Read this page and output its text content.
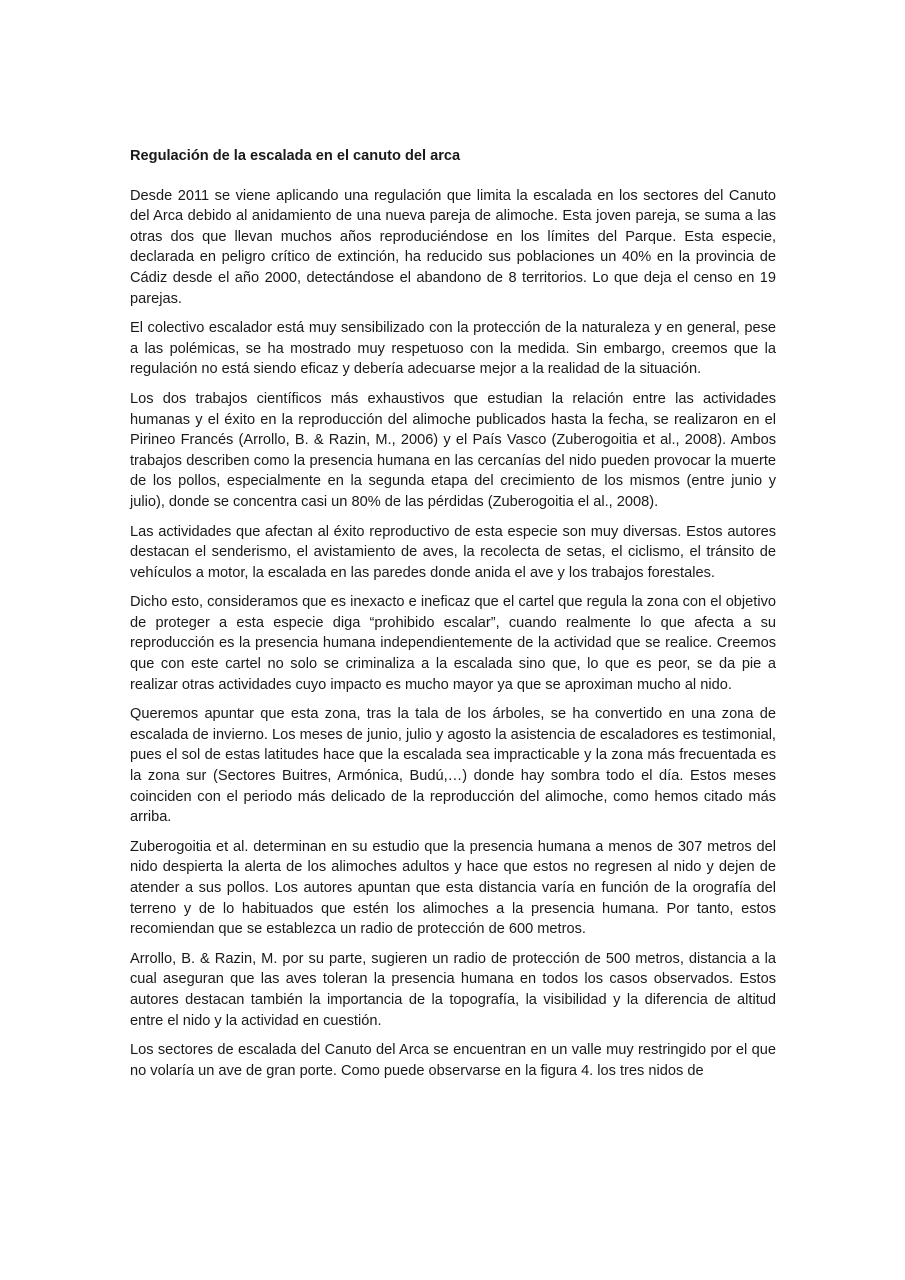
Regulación de la escalada en el canuto del arca

Desde 2011 se viene aplicando una regulación que limita la escalada en los sectores del Canuto del Arca debido al anidamiento de una nueva pareja de alimoche. Esta joven pareja, se suma a las otras dos que llevan muchos años reproduciéndose en los límites del Parque. Esta especie, declarada en peligro crítico de extinción, ha reducido sus poblaciones un 40% en la provincia de Cádiz desde el año 2000, detectándose el abandono de 8 territorios. Lo que deja el censo en 19 parejas.

El colectivo escalador está muy sensibilizado con la protección de la naturaleza y en general, pese a las polémicas, se ha mostrado muy respetuoso con la medida. Sin embargo, creemos que la regulación no está siendo eficaz y debería adecuarse mejor a la realidad de la situación.

Los dos trabajos científicos más exhaustivos que estudian la relación entre las actividades humanas y el éxito en la reproducción del alimoche publicados hasta la fecha, se realizaron en el Pirineo Francés (Arrollo, B. & Razin, M., 2006) y el País Vasco (Zuberogoitia et al., 2008). Ambos trabajos describen como la presencia humana en las cercanías del nido pueden provocar la muerte de los pollos, especialmente en la segunda etapa del crecimiento de los mismos (entre junio y julio), donde se concentra casi un 80% de las pérdidas (Zuberogoitia el al., 2008).

Las actividades que afectan al éxito reproductivo de esta especie son muy diversas. Estos autores destacan el senderismo, el avistamiento de aves, la recolecta de setas, el ciclismo, el tránsito de vehículos a motor, la escalada en las paredes donde anida el ave y los trabajos forestales.

Dicho esto, consideramos que es inexacto e ineficaz que el cartel que regula la zona con el objetivo de proteger a esta especie diga “prohibido escalar”, cuando realmente lo que afecta a su reproducción es la presencia humana independientemente de la actividad que se realice. Creemos que con este cartel no solo se criminaliza a la escalada sino que, lo que es peor, se da pie a realizar otras actividades cuyo impacto es mucho mayor ya que se aproximan mucho al nido.

Queremos apuntar que esta zona, tras la tala de los árboles, se ha convertido en una zona de escalada de invierno. Los meses de junio, julio y agosto la asistencia de escaladores es testimonial, pues el sol de estas latitudes hace que la escalada sea impracticable y la zona más frecuentada es la zona sur (Sectores Buitres, Armónica, Budú,…) donde hay sombra todo el día. Estos meses coinciden con el periodo más delicado de la reproducción del alimoche, como hemos citado más arriba.

Zuberogoitia et al. determinan en su estudio que la presencia humana a menos de 307 metros del nido despierta la alerta de los alimoches adultos y hace que estos no regresen al nido y dejen de atender a sus pollos. Los autores apuntan que esta distancia varía en función de la orografía del terreno y de lo habituados que estén los alimoches a la presencia humana. Por tanto, estos recomiendan que se establezca un radio de protección de 600 metros.

Arrollo, B. & Razin, M. por su parte, sugieren un radio de protección de 500 metros, distancia a la cual aseguran que las aves toleran la presencia humana en todos los casos observados. Estos autores destacan también la importancia de la topografía, la visibilidad y la diferencia de altitud entre el nido y la actividad en cuestión.

Los sectores de escalada del Canuto del Arca se encuentran en un valle muy restringido por el que no volaría un ave de gran porte. Como puede observarse en la figura 4. los tres nidos de
